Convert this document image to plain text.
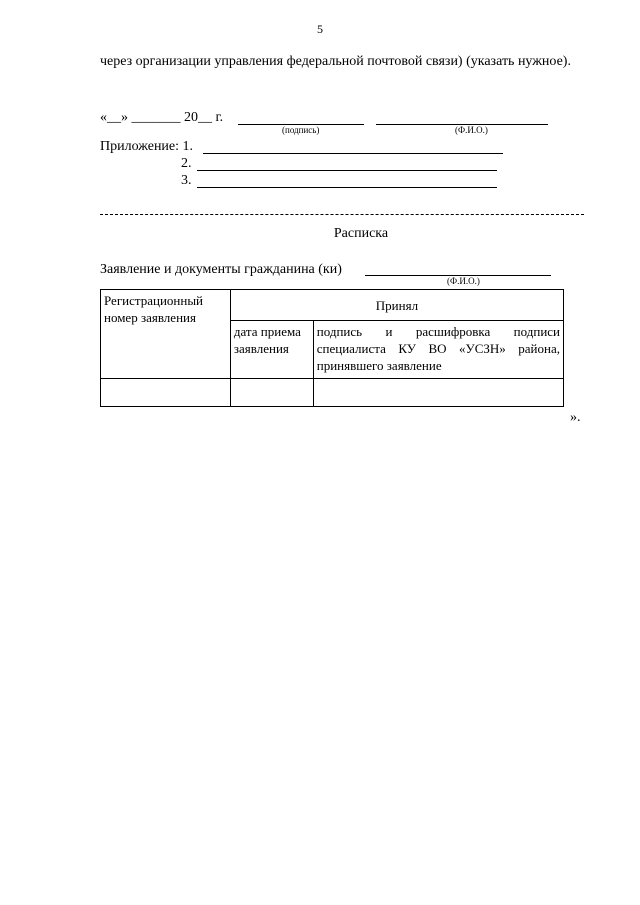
5
через организации управления федеральной почтовой связи) (указать нужное).
«__» _______ 20__ г.
(подпись)	(Ф.И.О.)
Приложение: 1.
2.
3.
Расписка
Заявление и документы гражданина (ки)
(Ф.И.О.)
Регистрационный номер заявления	Принял	
	дата приема заявления	подпись и расшифровка подписи специалиста КУ ВО «УСЗН» района, принявшего заявление

».
